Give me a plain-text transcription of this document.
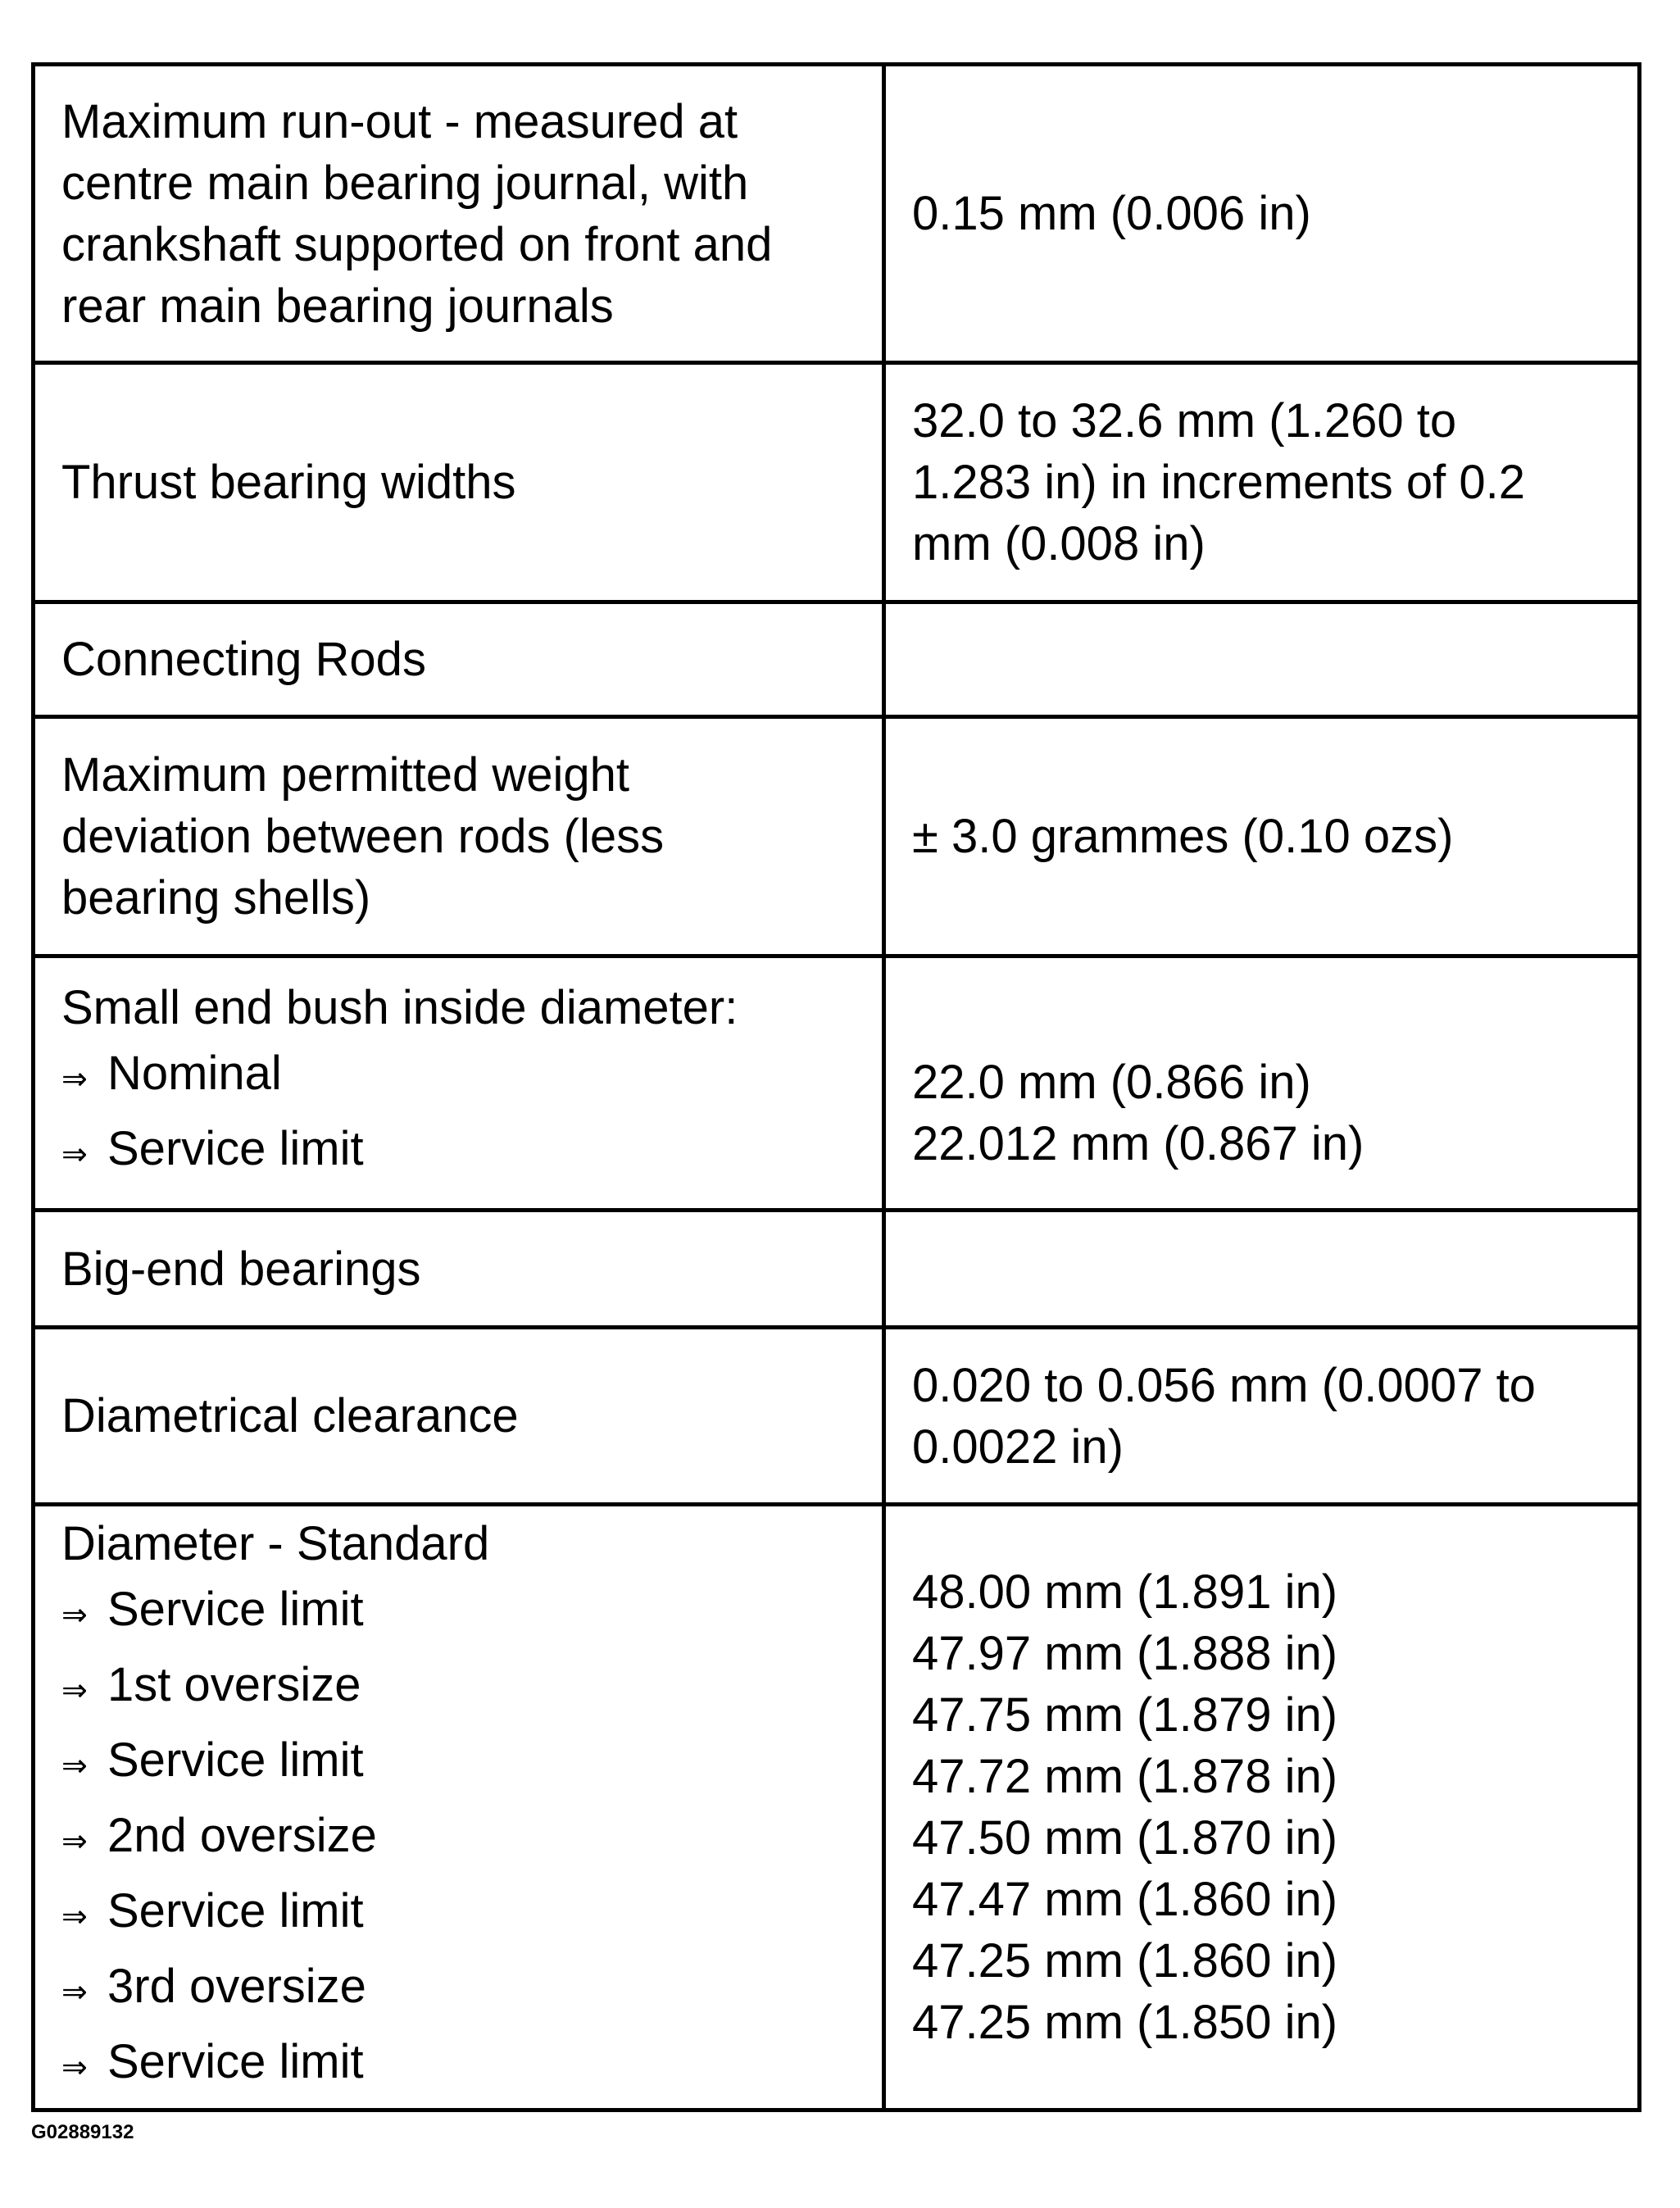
Maximum run-out - measured at
centre main bearing journal, with
crankshaft supported on front and
rear main bearing journals
0.15 mm (0.006 in)
Thrust bearing widths
32.0 to 32.6 mm (1.260 to
1.283 in) in increments of 0.2
mm (0.008 in)
Connecting Rods
Maximum permitted weight
deviation between rods (less
bearing shells)
± 3.0 grammes (0.10 ozs)
Small end bush inside diameter:
⇒ Nominal
⇒ Service limit
22.0 mm (0.866 in)
22.012 mm (0.867 in)
Big-end bearings
Diametrical clearance
0.020 to 0.056 mm (0.0007 to
0.0022 in)
Diameter - Standard
⇒ Service limit
⇒ 1st oversize
⇒ Service limit
⇒ 2nd oversize
⇒ Service limit
⇒ 3rd oversize
⇒ Service limit
48.00 mm (1.891 in)
47.97 mm (1.888 in)
47.75 mm (1.879 in)
47.72 mm (1.878 in)
47.50 mm (1.870 in)
47.47 mm (1.860 in)
47.25 mm (1.860 in)
47.25 mm (1.850 in)
G02889132
